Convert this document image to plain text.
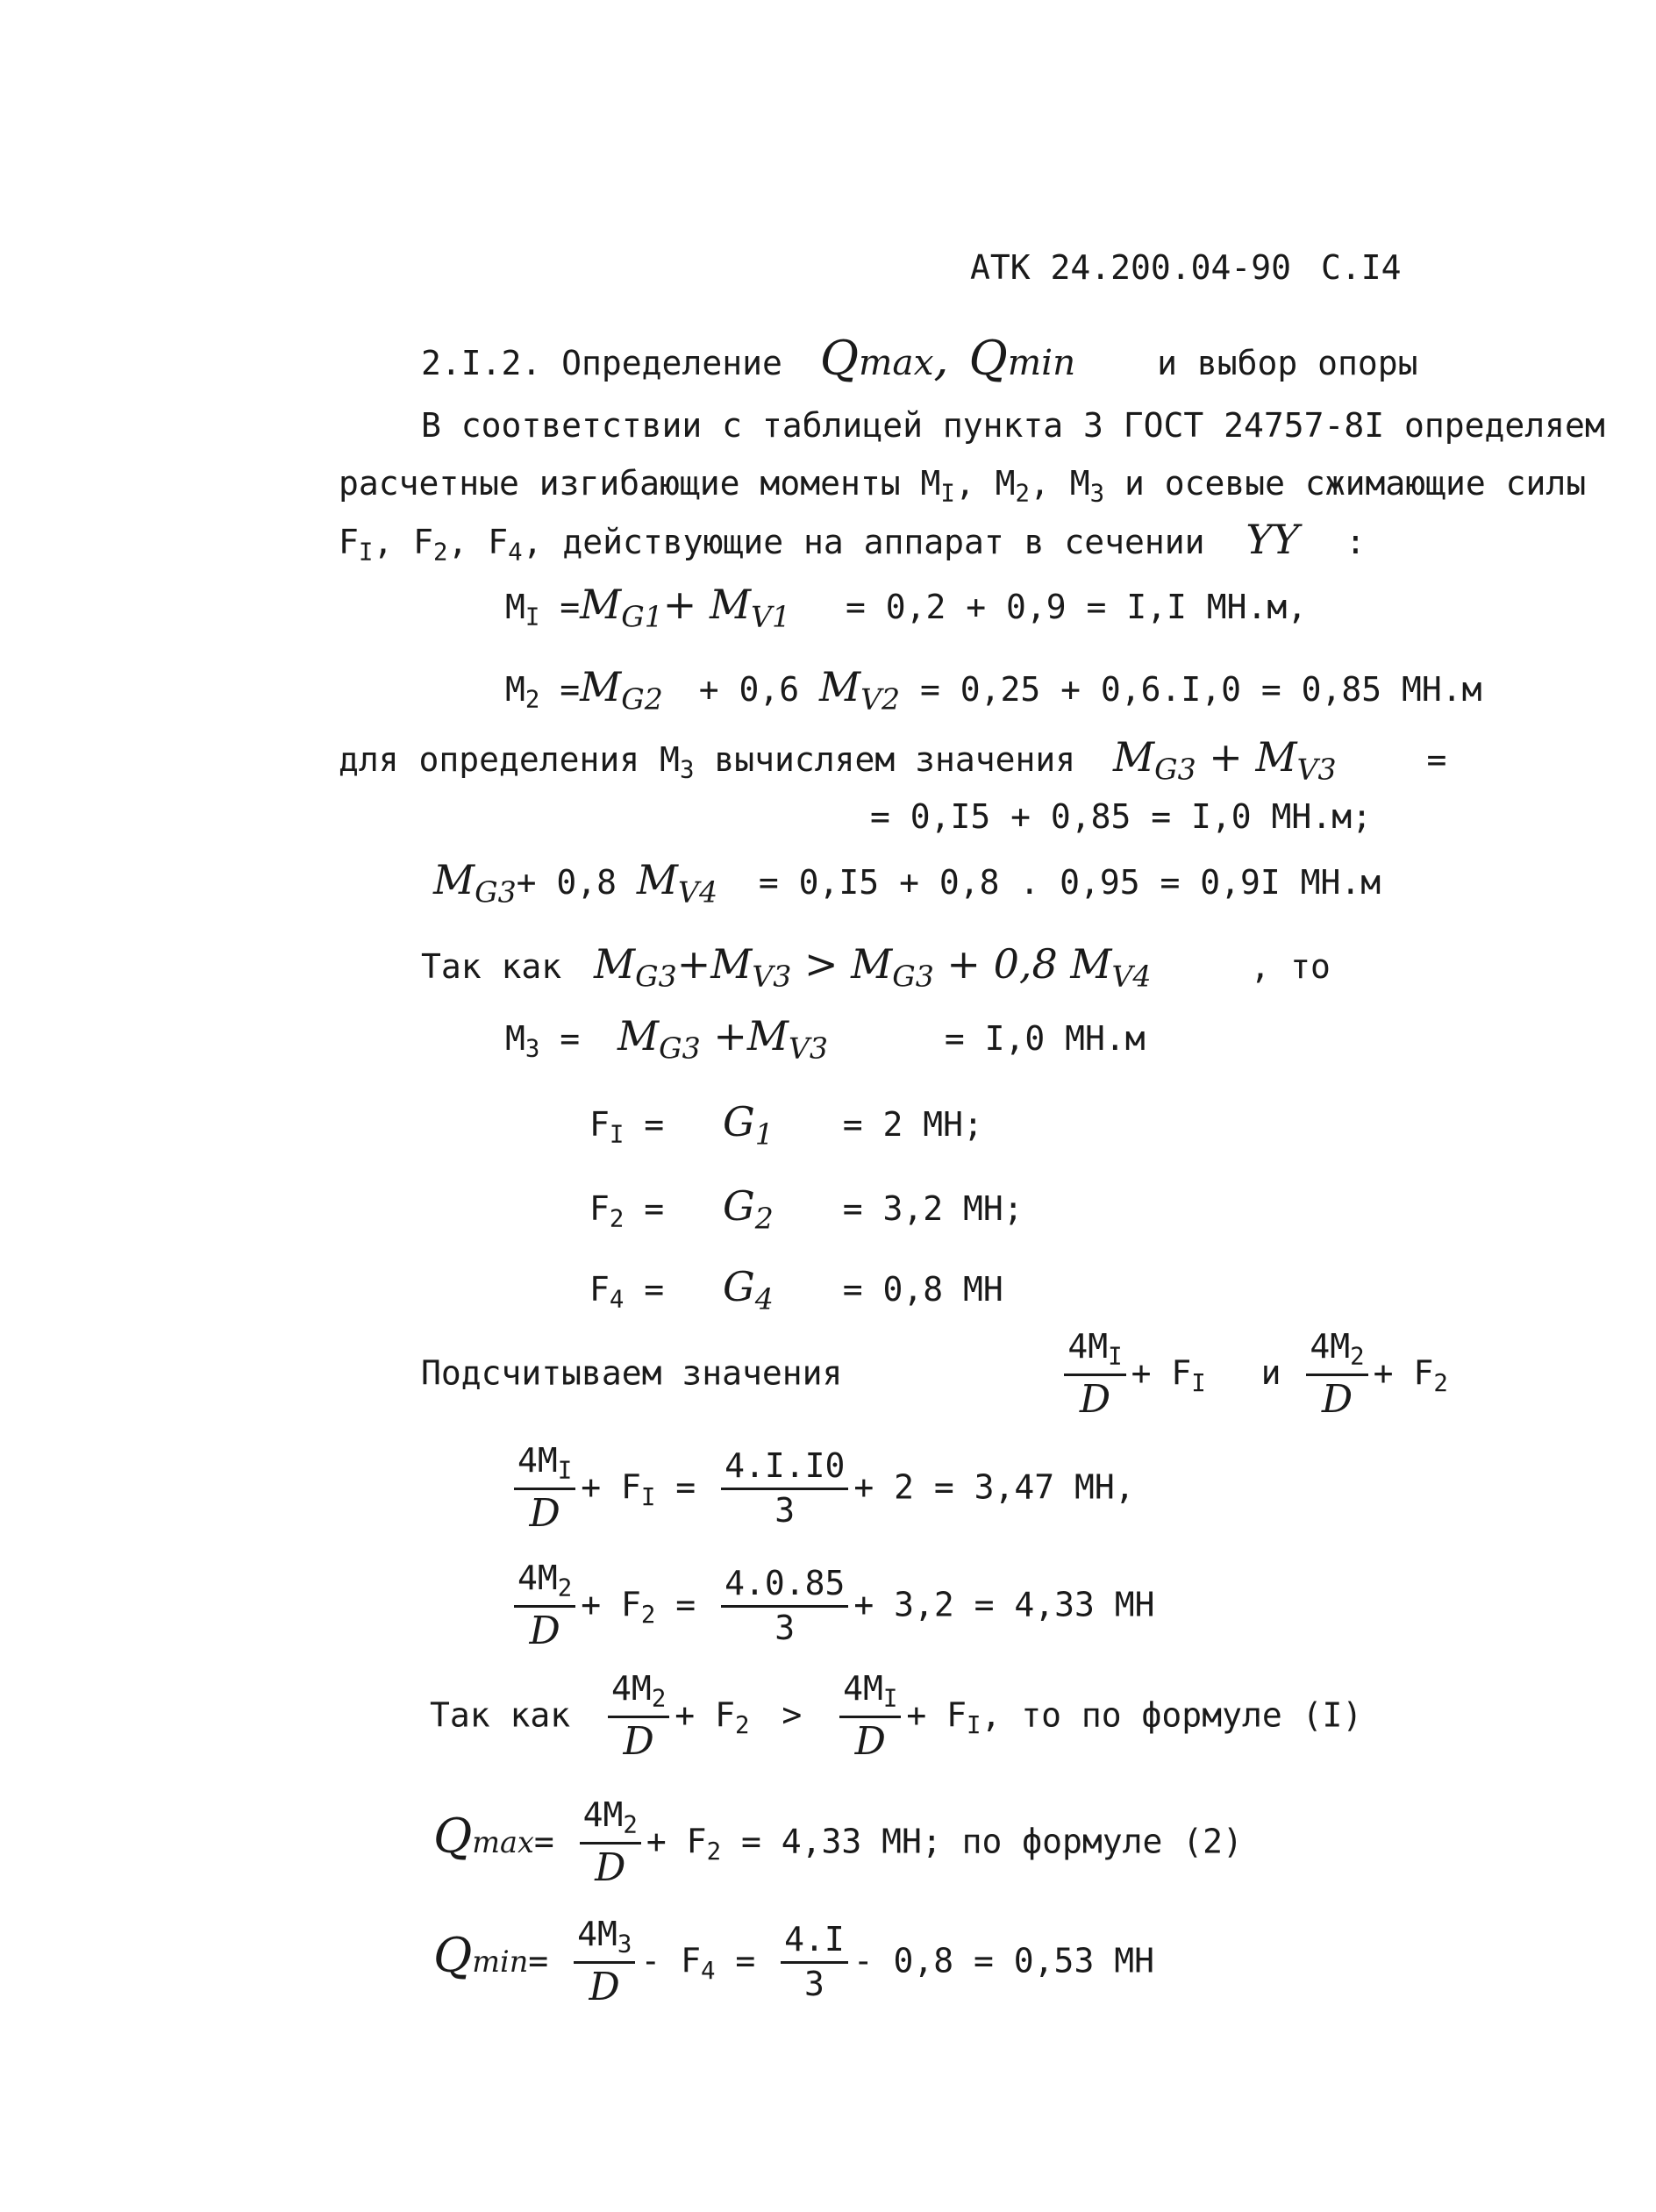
АТК 24.200.04-90 С.I4
2.I.2. Определение Qmax, Qmin и выбор опоры
В соответствии с таблицей пункта 3 ГОСТ 24757-8I определяем
расчетные изгибающие моменты $M_I$, $M_2$, $M_3$ и осевые сжимающие силы
$F_I$, $F_2$, $F_4$, действующие на аппарат в сечении YY :
$M_I =M_{G1}+ M_{V1} = 0,2 + 0,9 = I,I$ МН.м,
$M_2 =M_{G2} + 0,6$ $M_{V2} = 0,25 + 0,6.I,0 = 0,85$ МН.м
для определения $M_3$ вычисляем значения $M_{G3} + M_{V3}$	=
= 0,I5 + 0,85 = I,0 МН.м;
$M_{G3}+ 0,8$ $M_{V4} = 0,I5 + 0,8$ . 0,95 = 0,9I МН.м
Так как $M_{G3}+M_{V3} > M_{G3} + 0,8$ $M_{V4}$	, то
$M_3 = M_{G3} +M_{V3}$	= I,0 МН.м
$F_I = G_1 = 2$ МН;
$F_2 = G_2 = 3,2$ МН;
$F_4 = G_4 = 0,8$ МН
Подсчитываем значения	$\frac{4M_I}{D} + F_I$ и $\frac{4M_2}{D} + F_2$
$\frac{4M_I}{D} + F_I = \frac{4.I.I0}{3} + 2 = 3,47$ МН,
$\frac{4M_2}{D} + F_2 = \frac{4.0.85}{3} + 3,2 = 4,33$ МН
Так как $\frac{4M_2}{D} + F_2 > \frac{4M_I}{D} + F_I$, то по формуле (I)
$Qmax= \frac{4M_2}{D} + F_2 = 4,33$ МН; по формуле (2)
$Qmin= \frac{4M_3}{D} - F_4 = \frac{4.I}{3} - 0,8 = 0,53$ МН
